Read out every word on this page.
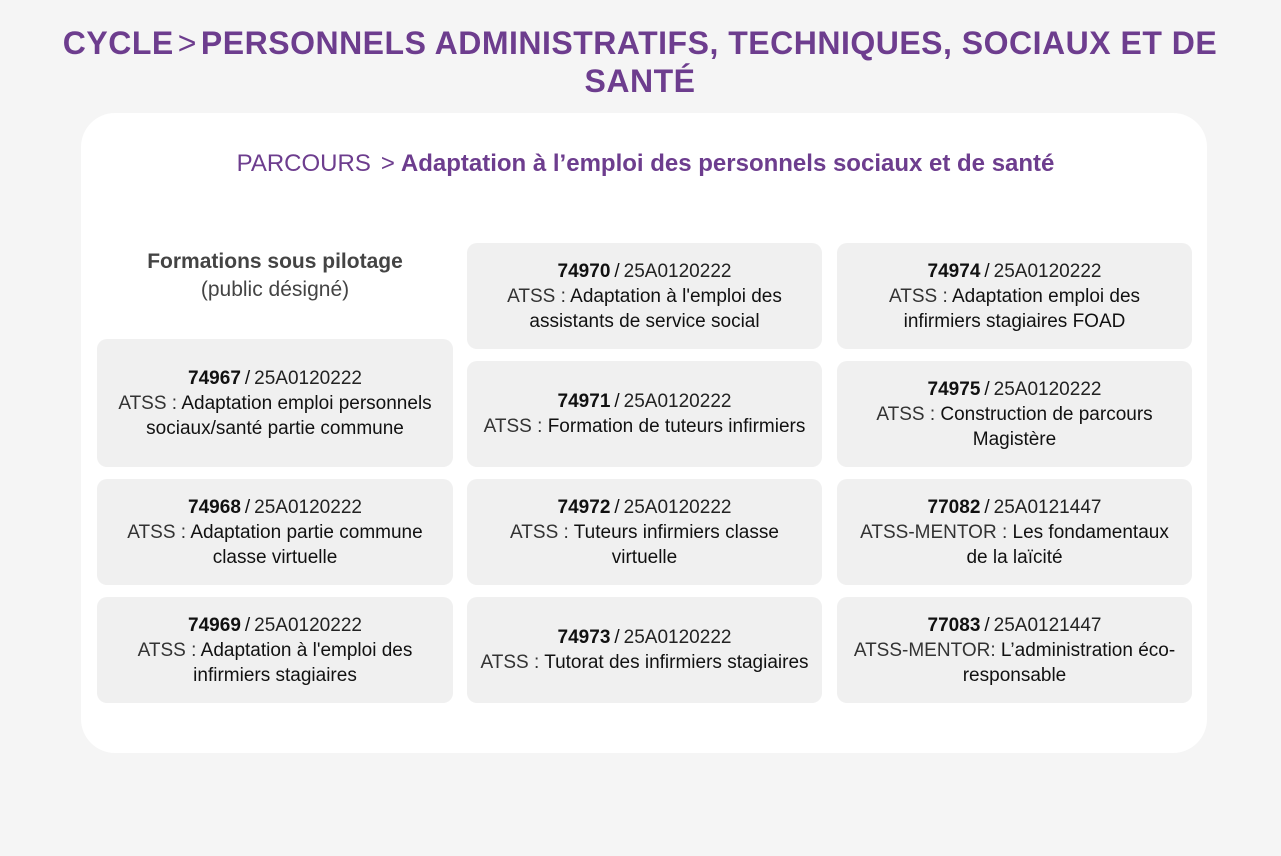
CYCLE > PERSONNELS ADMINISTRATIFS, TECHNIQUES, SOCIAUX ET DE SANTÉ
PARCOURS > Adaptation à l’emploi des personnels sociaux et de santé
Formations sous pilotage
(public désigné)
74967 / 25A0120222
ATSS : Adaptation emploi personnels sociaux/santé partie commune
74968 / 25A0120222
ATSS : Adaptation partie commune classe virtuelle
74969 / 25A0120222
ATSS : Adaptation à l'emploi des infirmiers stagiaires
74970 / 25A0120222
ATSS : Adaptation à l'emploi des assistants de service social
74971 / 25A0120222
ATSS : Formation de tuteurs infirmiers
74972 / 25A0120222
ATSS : Tuteurs infirmiers classe virtuelle
74973 / 25A0120222
ATSS : Tutorat des infirmiers stagiaires
74974 / 25A0120222
ATSS : Adaptation emploi des infirmiers stagiaires FOAD
74975 / 25A0120222
ATSS : Construction de parcours Magistère
77082 / 25A0121447
ATSS-MENTOR : Les fondamentaux de la laïcité
77083 / 25A0121447
ATSS-MENTOR: L’administration éco-responsable
